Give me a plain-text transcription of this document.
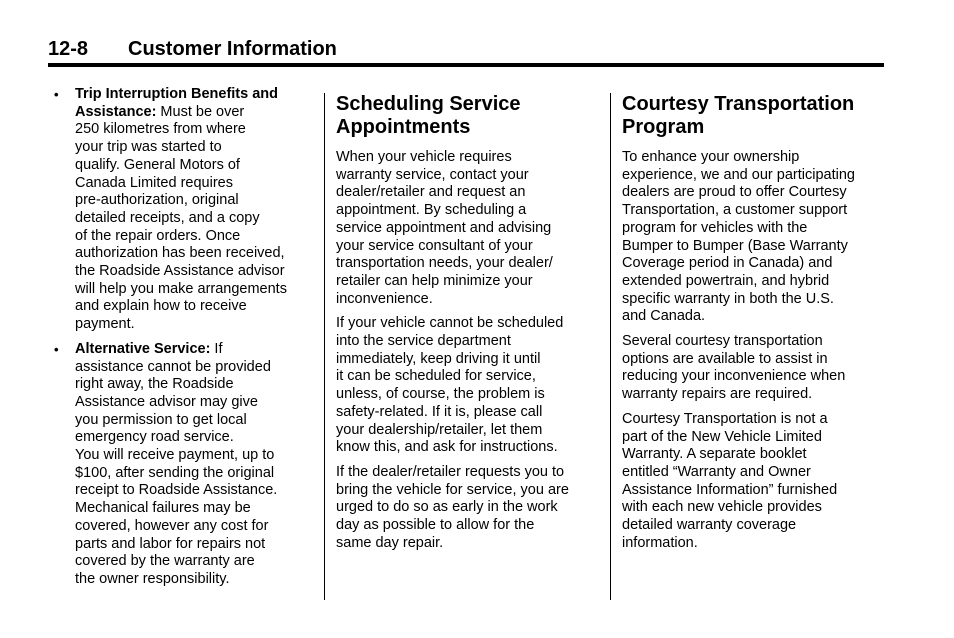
12-8 Customer Information
• Trip Interruption Benefits and
Assistance: Must be over
250 kilometres from where
your trip was started to
qualify. General Motors of
Canada Limited requires
pre-authorization, original
detailed receipts, and a copy
of the repair orders. Once
authorization has been received,
the Roadside Assistance advisor
will help you make arrangements
and explain how to receive
payment.
• Alternative Service: If
assistance cannot be provided
right away, the Roadside
Assistance advisor may give
you permission to get local
emergency road service.
You will receive payment, up to
$100, after sending the original
receipt to Roadside Assistance.
Mechanical failures may be
covered, however any cost for
parts and labor for repairs not
covered by the warranty are
the owner responsibility.
Scheduling Service
Appointments

When your vehicle requires
warranty service, contact your
dealer/retailer and request an
appointment. By scheduling a
service appointment and advising
your service consultant of your
transportation needs, your dealer/
retailer can help minimize your
inconvenience.

If your vehicle cannot be scheduled
into the service department
immediately, keep driving it until
it can be scheduled for service,
unless, of course, the problem is
safety-related. If it is, please call
your dealership/retailer, let them
know this, and ask for instructions.

If the dealer/retailer requests you to
bring the vehicle for service, you are
urged to do so as early in the work
day as possible to allow for the
same day repair.

Courtesy Transportation
Program

To enhance your ownership
experience, we and our participating
dealers are proud to offer Courtesy
Transportation, a customer support
program for vehicles with the
Bumper to Bumper (Base Warranty
Coverage period in Canada) and
extended powertrain, and hybrid
specific warranty in both the U.S.
and Canada.

Several courtesy transportation
options are available to assist in
reducing your inconvenience when
warranty repairs are required.

Courtesy Transportation is not a
part of the New Vehicle Limited
Warranty. A separate booklet
entitled “Warranty and Owner
Assistance Information” furnished
with each new vehicle provides
detailed warranty coverage
information.
